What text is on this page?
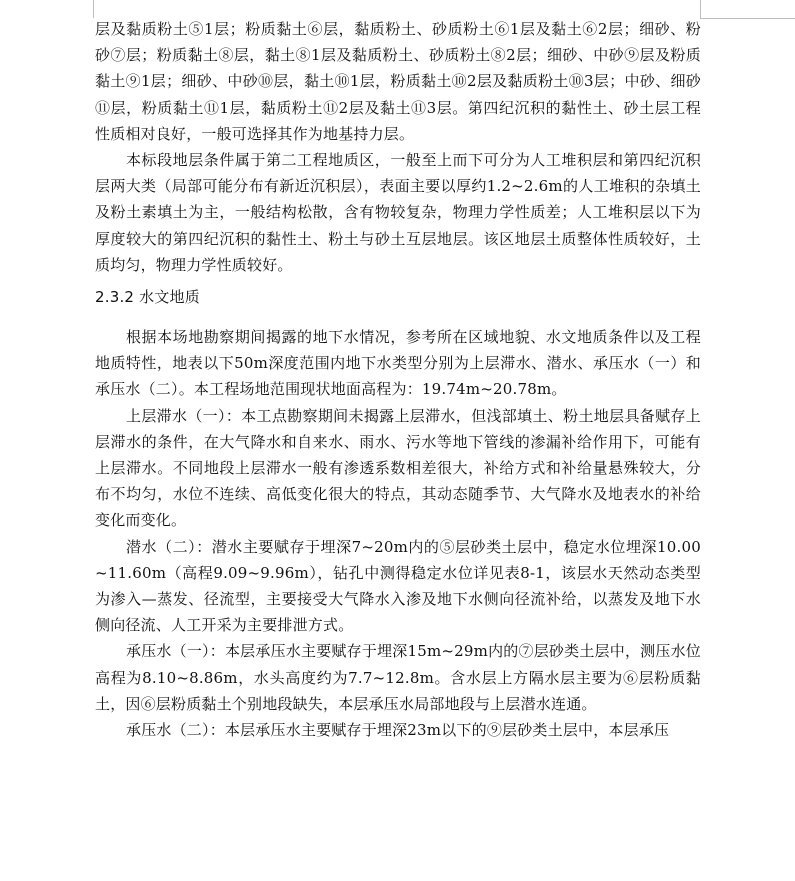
层及黏质粉土⑤1层；粉质黏土⑥层，黏质粉土、砂质粉土⑥1层及黏土⑥2层；细砂、粉砂⑦层；粉质黏土⑧层，黏土⑧1层及黏质粉土、砂质粉土⑧2层；细砂、中砂⑨层及粉质黏土⑨1层；细砂、中砂⑩层，黏土⑩1层，粉质黏土⑩2层及黏质粉土⑩3层；中砂、细砂⑪层，粉质黏土⑪1层，黏质粉土⑪2层及黏土⑪3层。第四纪沉积的黏性土、砂土层工程性质相对良好，一般可选择其作为地基持力层。

本标段地层条件属于第二工程地质区，一般至上而下可分为人工堆积层和第四纪沉积层两大类（局部可能分布有新近沉积层），表面主要以厚约1.2~2.6m的人工堆积的杂填土及粉土素填土为主，一般结构松散，含有物较复杂，物理力学性质差；人工堆积层以下为厚度较大的第四纪沉积的黏性土、粉土与砂土互层地层。该区地层土质整体性质较好，土质均匀，物理力学性质较好。

2.3.2 水文地质

根据本场地勘察期间揭露的地下水情况，参考所在区域地貌、水文地质条件以及工程地质特性，地表以下50m深度范围内地下水类型分别为上层滞水、潜水、承压水（一）和承压水（二）。本工程场地范围现状地面高程为：19.74m~20.78m。

上层滞水（一）：本工点勘察期间未揭露上层滞水，但浅部填土、粉土地层具备赋存上层滞水的条件，在大气降水和自来水、雨水、污水等地下管线的渗漏补给作用下，可能有上层滞水。不同地段上层滞水一般有渗透系数相差很大，补给方式和补给量悬殊较大，分布不均匀，水位不连续、高低变化很大的特点，其动态随季节、大气降水及地表水的补给变化而变化。

潜水（二）：潜水主要赋存于埋深7~20m内的⑤层砂类土层中，稳定水位埋深10.00~11.60m（高程9.09~9.96m），钻孔中测得稳定水位详见表8-1，该层水天然动态类型为渗入—蒸发、径流型，主要接受大气降水入渗及地下水侧向径流补给，以蒸发及地下水侧向径流、人工开采为主要排泄方式。

承压水（一）：本层承压水主要赋存于埋深15m~29m内的⑦层砂类土层中，测压水位高程为8.10~8.86m，水头高度约为7.7~12.8m。含水层上方隔水层主要为⑥层粉质黏土，因⑥层粉质黏土个别地段缺失，本层承压水局部地段与上层潜水连通。

承压水（二）：本层承压水主要赋存于埋深23m以下的⑨层砂类土层中，本层承压
